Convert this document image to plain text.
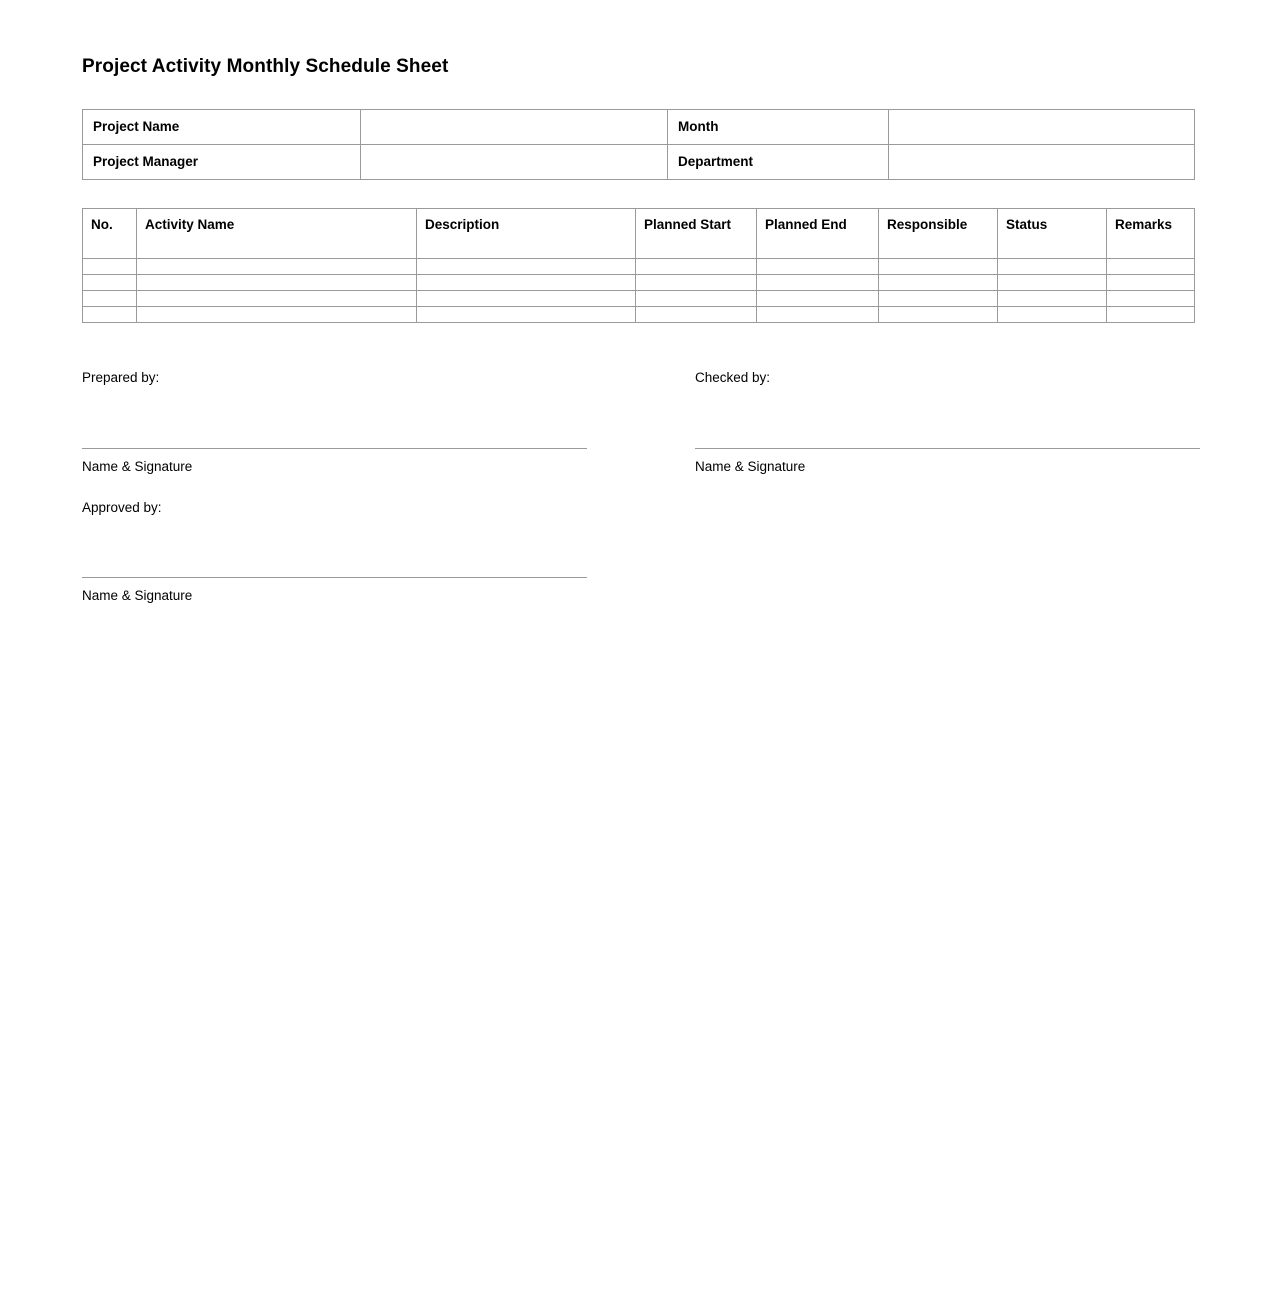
Project Activity Monthly Schedule Sheet
Project Name		Month	
Project Manager		Department	
No.	Activity Name	Description	Planned Start	Planned End	Responsible	Status	Remarks

Prepared by:
Name & Signature
Approved by:
Name & Signature
Checked by:
Name & Signature
